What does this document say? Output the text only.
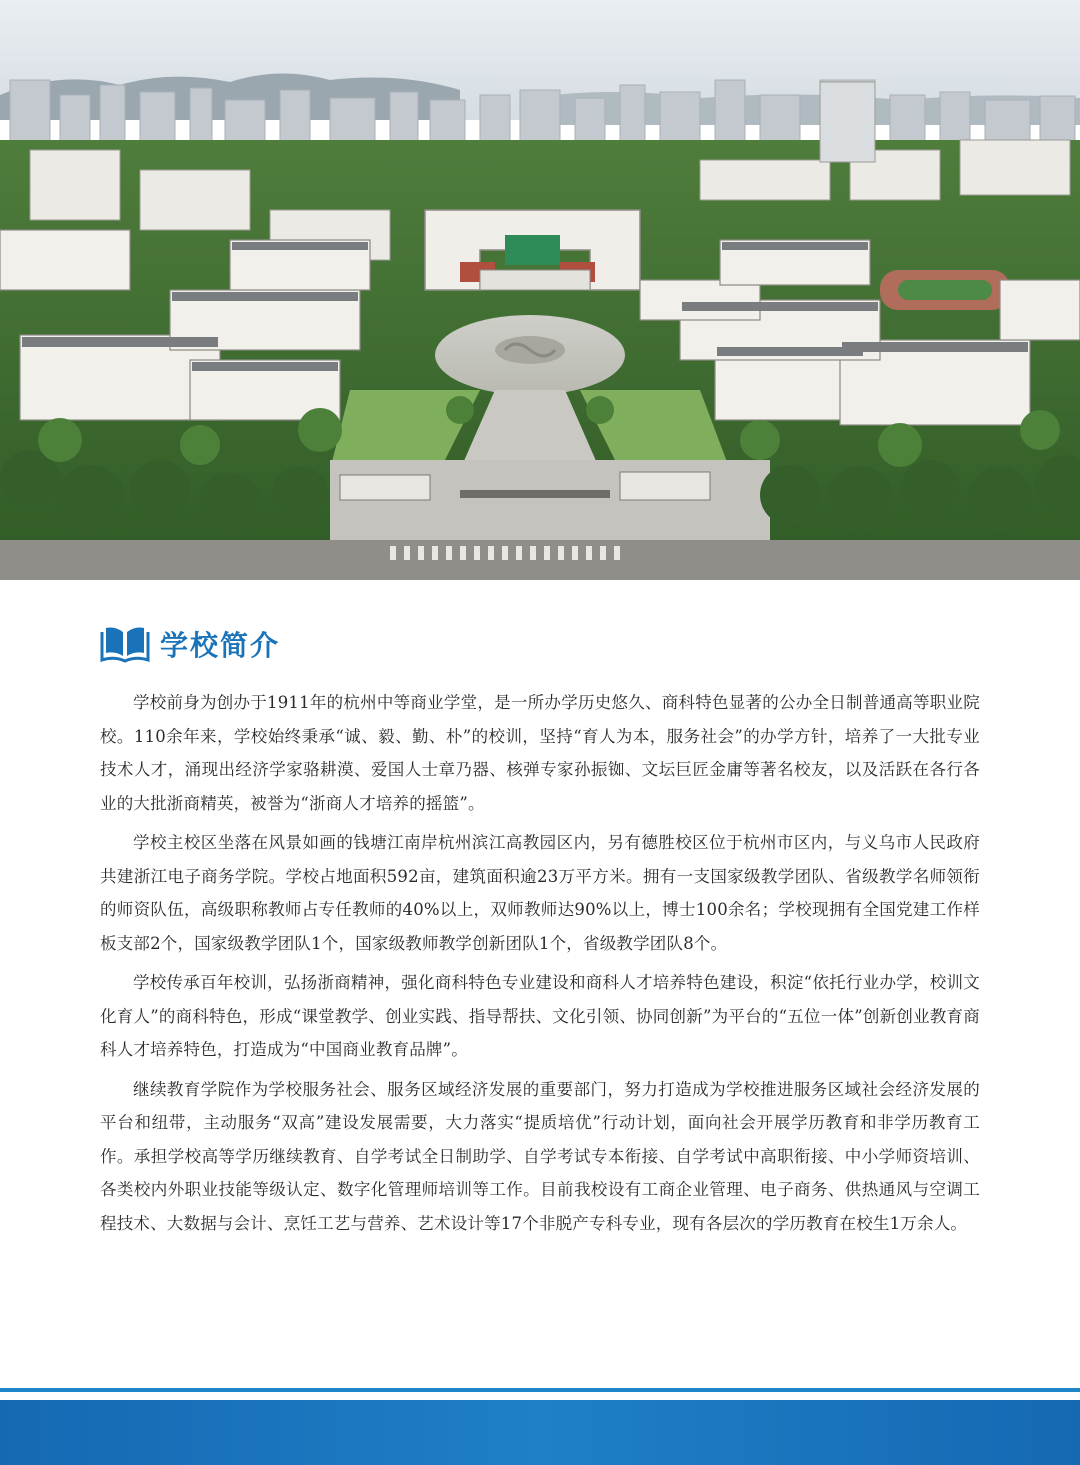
学校简介

学校前身为创办于1911年的杭州中等商业学堂，是一所办学历史悠久、商科特色显著的公办全日制普通高等职业院校。110余年来，学校始终秉承“诚、毅、勤、朴”的校训，坚持“育人为本，服务社会”的办学方针，培养了一大批专业技术人才，涌现出经济学家骆耕漠、爱国人士章乃器、核弹专家孙振铷、文坛巨匠金庸等著名校友，以及活跃在各行各业的大批浙商精英，被誉为“浙商人才培养的摇篮”。

学校主校区坐落在风景如画的钱塘江南岸杭州滨江高教园区内，另有德胜校区位于杭州市区内，与义乌市人民政府共建浙江电子商务学院。学校占地面积592亩，建筑面积逾23万平方米。拥有一支国家级教学团队、省级教学名师领衔的师资队伍，高级职称教师占专任教师的40%以上，双师教师达90%以上，博士100余名；学校现拥有全国党建工作样板支部2个，国家级教学团队1个，国家级教师教学创新团队1个，省级教学团队8个。

学校传承百年校训，弘扬浙商精神，强化商科特色专业建设和商科人才培养特色建设，积淀“依托行业办学，校训文化育人”的商科特色，形成“课堂教学、创业实践、指导帮扶、文化引领、协同创新”为平台的“五位一体”创新创业教育商科人才培养特色，打造成为“中国商业教育品牌”。

继续教育学院作为学校服务社会、服务区域经济发展的重要部门，努力打造成为学校推进服务区域社会经济发展的平台和纽带，主动服务“双高”建设发展需要，大力落实“提质培优”行动计划，面向社会开展学历教育和非学历教育工作。承担学校高等学历继续教育、自学考试全日制助学、自学考试专本衔接、自学考试中高职衔接、中小学师资培训、各类校内外职业技能等级认定、数字化管理师培训等工作。目前我校设有工商企业管理、电子商务、供热通风与空调工程技术、大数据与会计、烹饪工艺与营养、艺术设计等17个非脱产专科专业，现有各层次的学历教育在校生1万余人。
